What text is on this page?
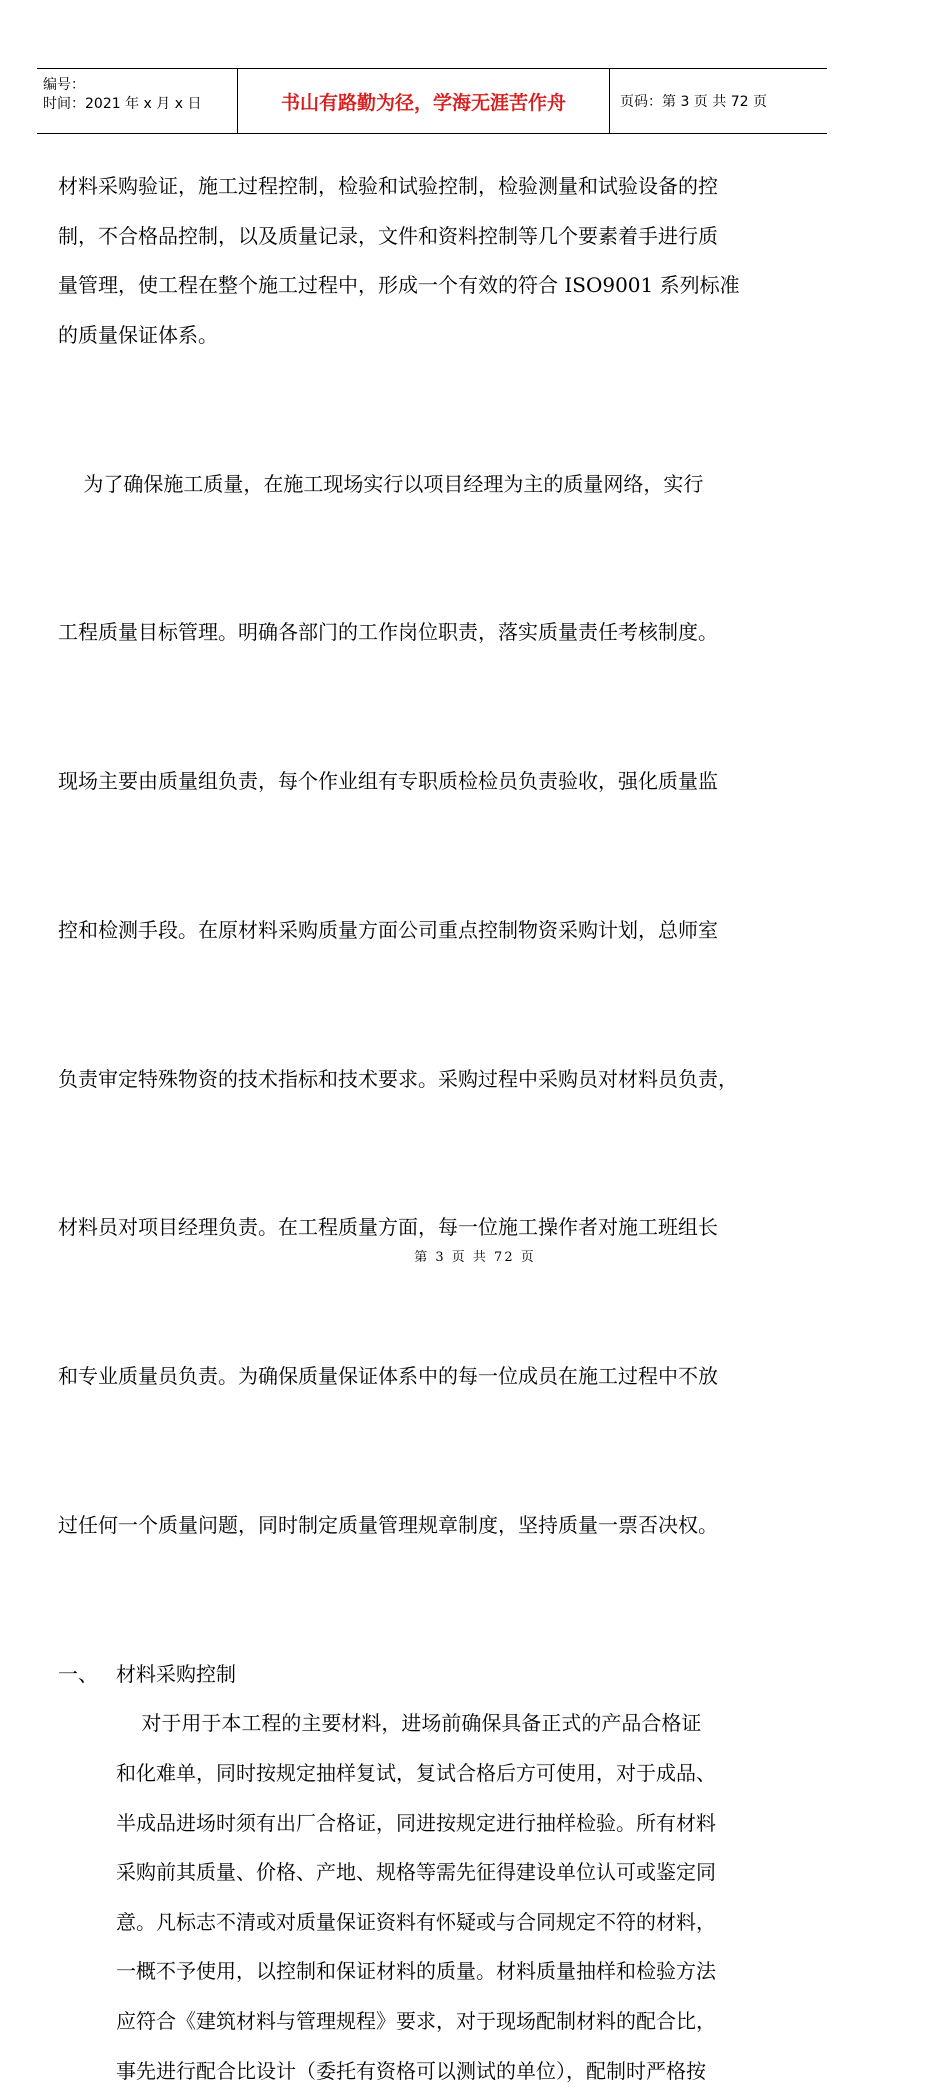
编号：
时间：2021 年 x 月 x 日	书山有路勤为径，学海无涯苦作舟	页码：第 3 页 共 72 页
材料采购验证，施工过程控制，检验和试验控制，检验测量和试验设备的控
制，不合格品控制，以及质量记录，文件和资料控制等几个要素着手进行质
量管理，使工程在整个施工过程中，形成一个有效的符合 ISO9001 系列标准
的质量保证体系。

为了确保施工质量，在施工现场实行以项目经理为主的质量网络，实行

工程质量目标管理。明确各部门的工作岗位职责，落实质量责任考核制度。

现场主要由质量组负责，每个作业组有专职质检检员负责验收，强化质量监

控和检测手段。在原材料采购质量方面公司重点控制物资采购计划，总师室

负责审定特殊物资的技术指标和技术要求。采购过程中采购员对材料员负责，

材料员对项目经理负责。在工程质量方面，每一位施工操作者对施工班组长

和专业质量员负责。为确保质量保证体系中的每一位成员在施工过程中不放

过任何一个质量问题，同时制定质量管理规章制度，坚持质量一票否决权。

一、 材料采购控制
对于用于本工程的主要材料，进场前确保具备正式的产品合格证
和化难单，同时按规定抽样复试，复试合格后方可使用，对于成品、
半成品进场时须有出厂合格证，同进按规定进行抽样检验。所有材料
采购前其质量、价格、产地、规格等需先征得建设单位认可或鉴定同
意。凡标志不清或对质量保证资料有怀疑或与合同规定不符的材料，
一概不予使用，以控制和保证材料的质量。材料质量抽样和检验方法
应符合《建筑材料与管理规程》要求，对于现场配制材料的配合比，
事先进行配合比设计（委托有资格可以测试的单位），配制时严格按
第 3 页 共 72 页
